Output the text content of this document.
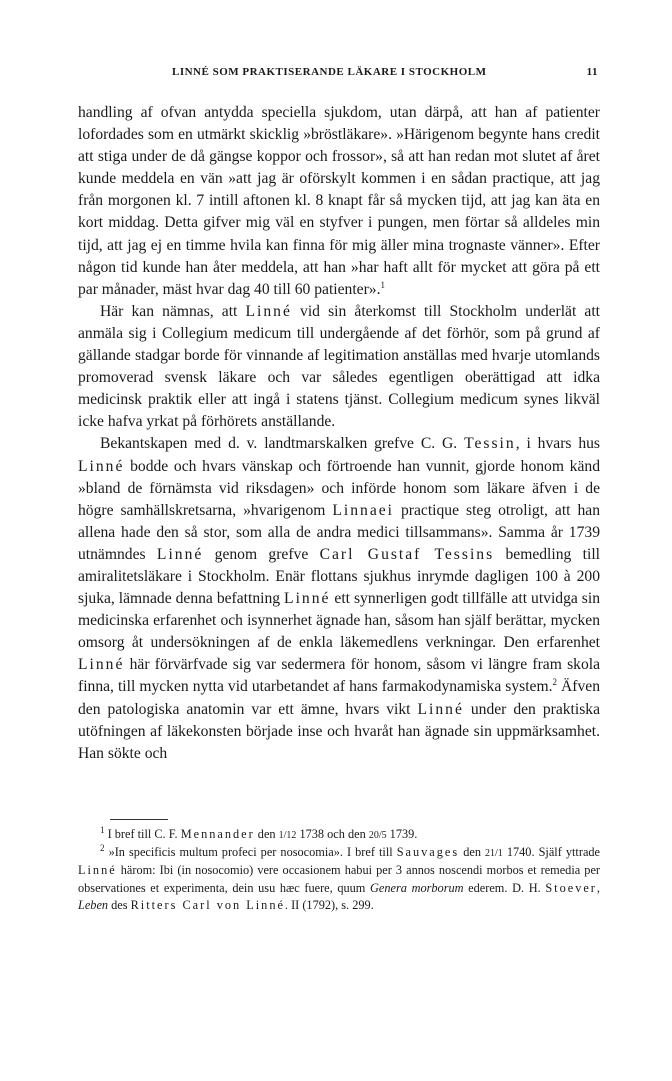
LINNÉ SOM PRAKTISERANDE LÄKARE I STOCKHOLM	11

handling af ofvan antydda speciella sjukdom, utan därpå, att han af patienter lofordades som en utmärkt skicklig »bröstläkare». »Härigenom begynte hans credit att stiga under de då gängse koppor och frossor», så att han redan mot slutet af året kunde meddela en vän »att jag är oförskylt kommen i en sådan practique, att jag från morgonen kl. 7 intill aftonen kl. 8 knapt får så mycken tijd, att jag kan äta en kort middag. Detta gifver mig väl en styfver i pungen, men förtar så alldeles min tijd, att jag ej en timme hvila kan finna för mig äller mina trognaste vänner». Efter någon tid kunde han åter meddela, att han »har haft allt för mycket att göra på ett par månader, mäst hvar dag 40 till 60 patienter».$^1$

Här kan nämnas, att Linné vid sin återkomst till Stockholm underlät att anmäla sig i Collegium medicum till undergående af det förhör, som på grund af gällande stadgar borde för vinnande af legitimation anställas med hvarje utomlands promoverad svensk läkare och var således egentligen oberättigad att idka medicinsk praktik eller att ingå i statens tjänst. Collegium medicum synes likväl icke hafva yrkat på förhörets anställande.

Bekantskapen med d. v. landtmarskalken grefve C. G. Tessin, i hvars hus Linné bodde och hvars vänskap och förtroende han vunnit, gjorde honom känd »bland de förnämsta vid riksdagen» och införde honom som läkare äfven i de högre samhällskretsarna, »hvarigenom Linnaei practique steg otroligt, att han allena hade den så stor, som alla de andra medici tillsammans». Samma år 1739 utnämndes Linné genom grefve Carl Gustaf Tessins bemedling till amiralitetsläkare i Stockholm. Enär flottans sjukhus inrymde dagligen 100 à 200 sjuka, lämnade denna befattning Linné ett synnerligen godt tillfälle att utvidga sin medicinska erfarenhet och isynnerhet ägnade han, såsom han själf berättar, mycken omsorg åt undersökningen af de enkla läkemedlens verkningar. Den erfarenhet Linné här förvärfvade sig var sedermera för honom, såsom vi längre fram skola finna, till mycken nytta vid utarbetandet af hans farmakodynamiska system.$^2$ Äfven den patologiska anatomin var ett ämne, hvars vikt Linné under den praktiska utöfningen af läkekonsten började inse och hvaråt han ägnade sin uppmärksamhet. Han sökte och

$^1$ I bref till C. F. Mennander den 1/12 1738 och den 20/5 1739.

$^2$ »In specificis multum profeci per nosocomia». I bref till Sauvages den 21/1 1740. Själf yttrade Linné härom: Ibi (in nosocomio) vere occasionem habui per 3 annos noscendi morbos et remedia per observationes et experimenta, dein usu hæc fuere, quum Genera morborum ederem. D. H. Stoever, Leben des Ritters Carl von Linné. II (1792), s. 299.
